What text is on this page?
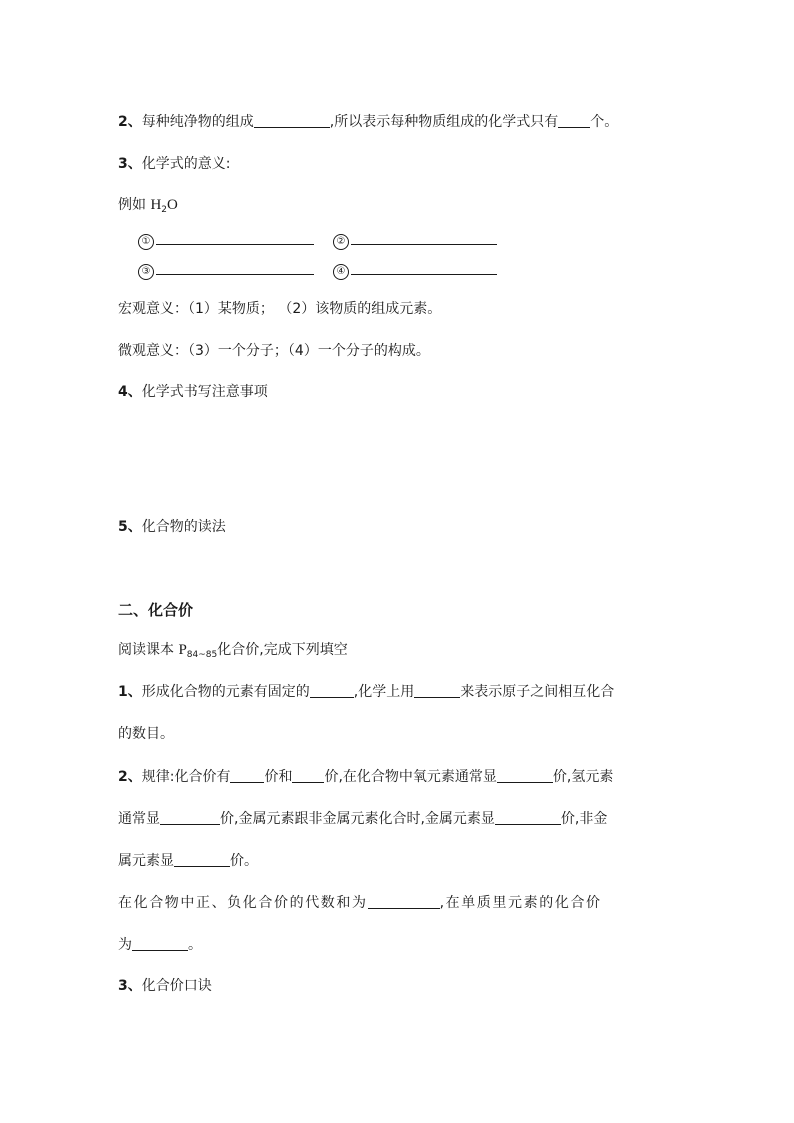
2、每种纯净物的组成	,所以表示每种物质组成的化学式只有 个。
3、化学式的意义:
例如 $H_2O$
①	②
③	④
宏观意义：（1）某物质； （2）该物质的组成元素。
微观意义：（3）一个分子；（4）一个分子的构成。
4、化学式书写注意事项
5、化合物的读法
二、化合价
阅读课本 $P_{84\sim 85}$化合价,完成下列填空
1、形成化合物的元素有固定的	,化学上用	来表示原子之间相互化合
的数目。
2、规律:化合价有 价和 价,在化合物中氧元素通常显	价,氢元素
通常显	价,金属元素跟非金属元素化合时,金属元素显	价,非金
属元素显	价。
在化合物中正、负化合价的代数和为	,在单质里元素的化合价
为	。
3、化合价口诀
